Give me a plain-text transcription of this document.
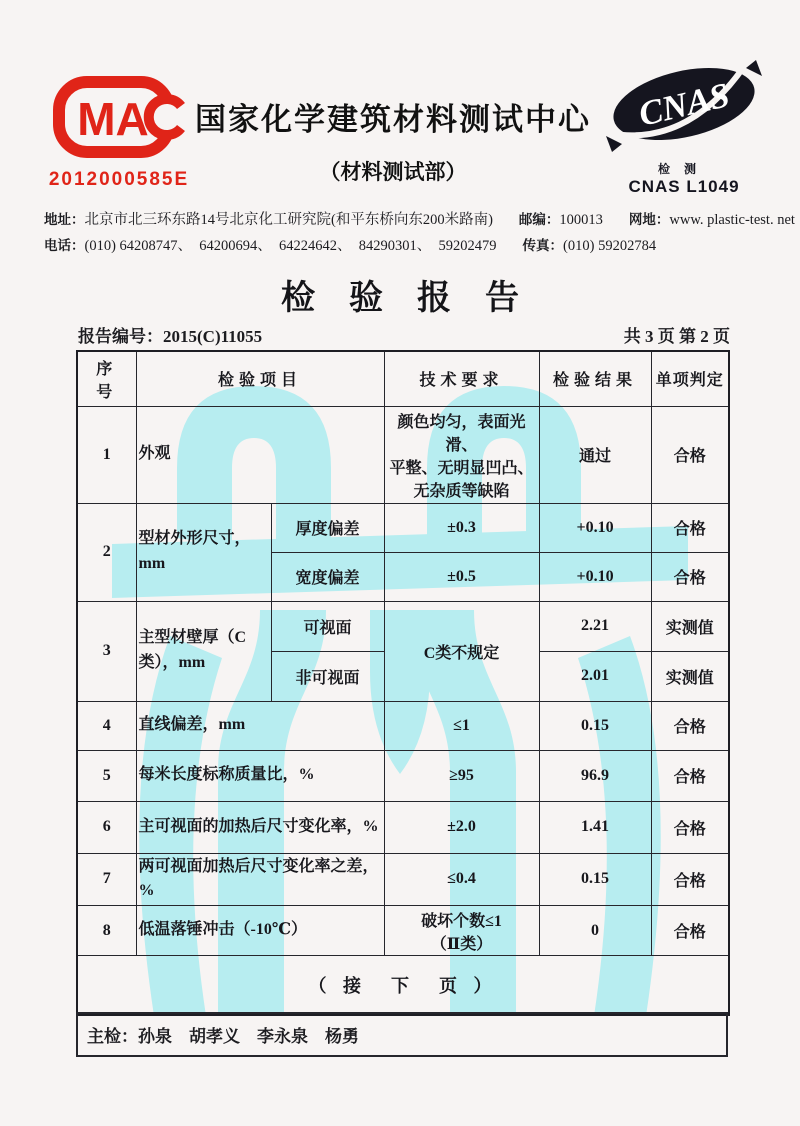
MA
2012000585E
国家化学建筑材料测试中心
（材料测试部）
CNAS
检测
CNAS L1049
地址：北京市北三环东路14号北京化工研究院(和平东桥向东200米路南) 邮编：100013 网地：www. plastic-test. net
电话：(010) 64208747、　64200694、　64224642、　84290301、　59202479 传真：(010) 59202784
检　验　报　告
报告编号：2015(C)11055	共 3 页 第 2 页
序　号	检验项目		技术要求	检验结果	单项判定
1	外观		颜色均匀，表面光滑、
平整、无明显凹凸、
无杂质等缺陷	通过	合格
2	型材外形尺寸，mm	厚度偏差	±0.3	+0.10	合格
		宽度偏差	±0.5	+0.10	合格
3	主型材壁厚（C类），mm	可视面	C类不规定	2.21	实测值
		非可视面		2.01	实测值
4	直线偏差，mm		≤1	0.15	合格
5	每米长度标称质量比，%		≥95	96.9	合格
6	主可视面的加热后尺寸变化率，%		±2.0	1.41	合格
7	两可视面加热后尺寸变化率之差，%		≤0.4	0.15	合格
8	低温落锤冲击（-10℃）		破坏个数≤1
（Ⅱ类）	0	合格
（ 接　下　页 ）					
主检：孙泉　胡孝义　李永泉　杨勇
